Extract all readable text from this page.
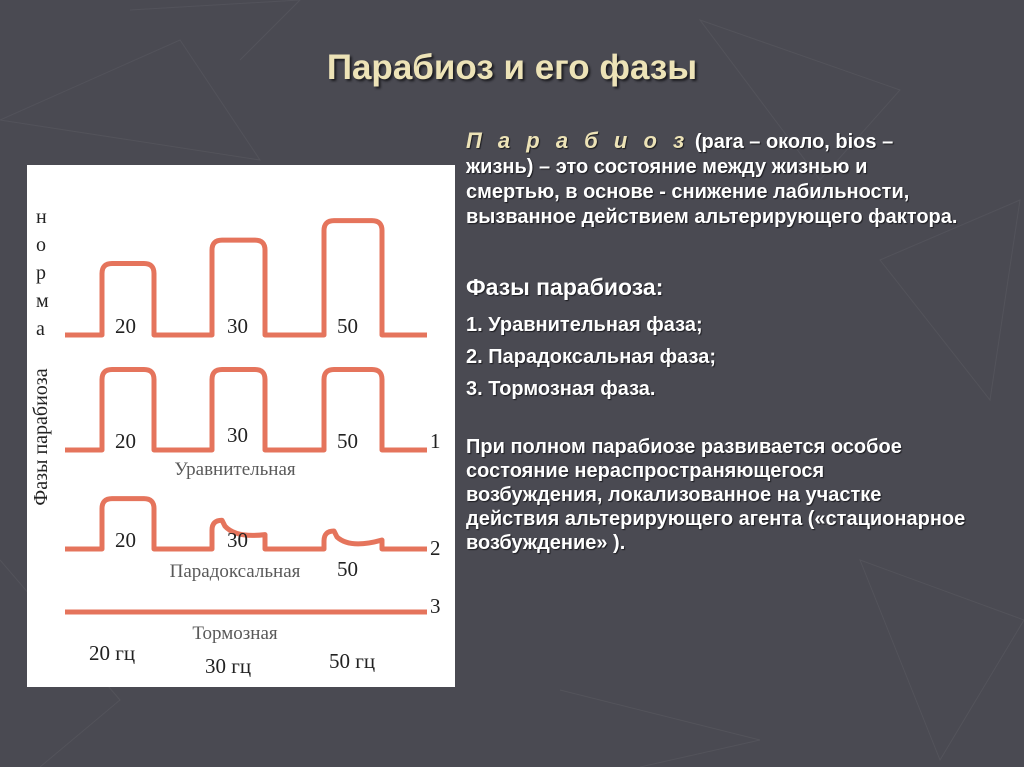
Парабиоз и его фазы
н
о
р
м
а
Фазы парабиоза
20	30	50
20	30	50	1
Уравнительная
20	30
50
2
Парадоксальная
3
Тормозная
20 гц
30 гц	50 гц

П а р а б и о з (para – около, bios – жизнь) – это состояние между жизнью и смертью, в основе - снижение лабильности, вызванное действием альтерирующего фактора.

Фазы парабиоза:
1. Уравнительная фаза;
2. Парадоксальная фаза;
3. Тормозная фаза.

При полном парабиозе развивается особое состояние нераспространяющегося возбуждения, локализованное на участке действия альтерирующего агента («стационарное возбуждение» ).
